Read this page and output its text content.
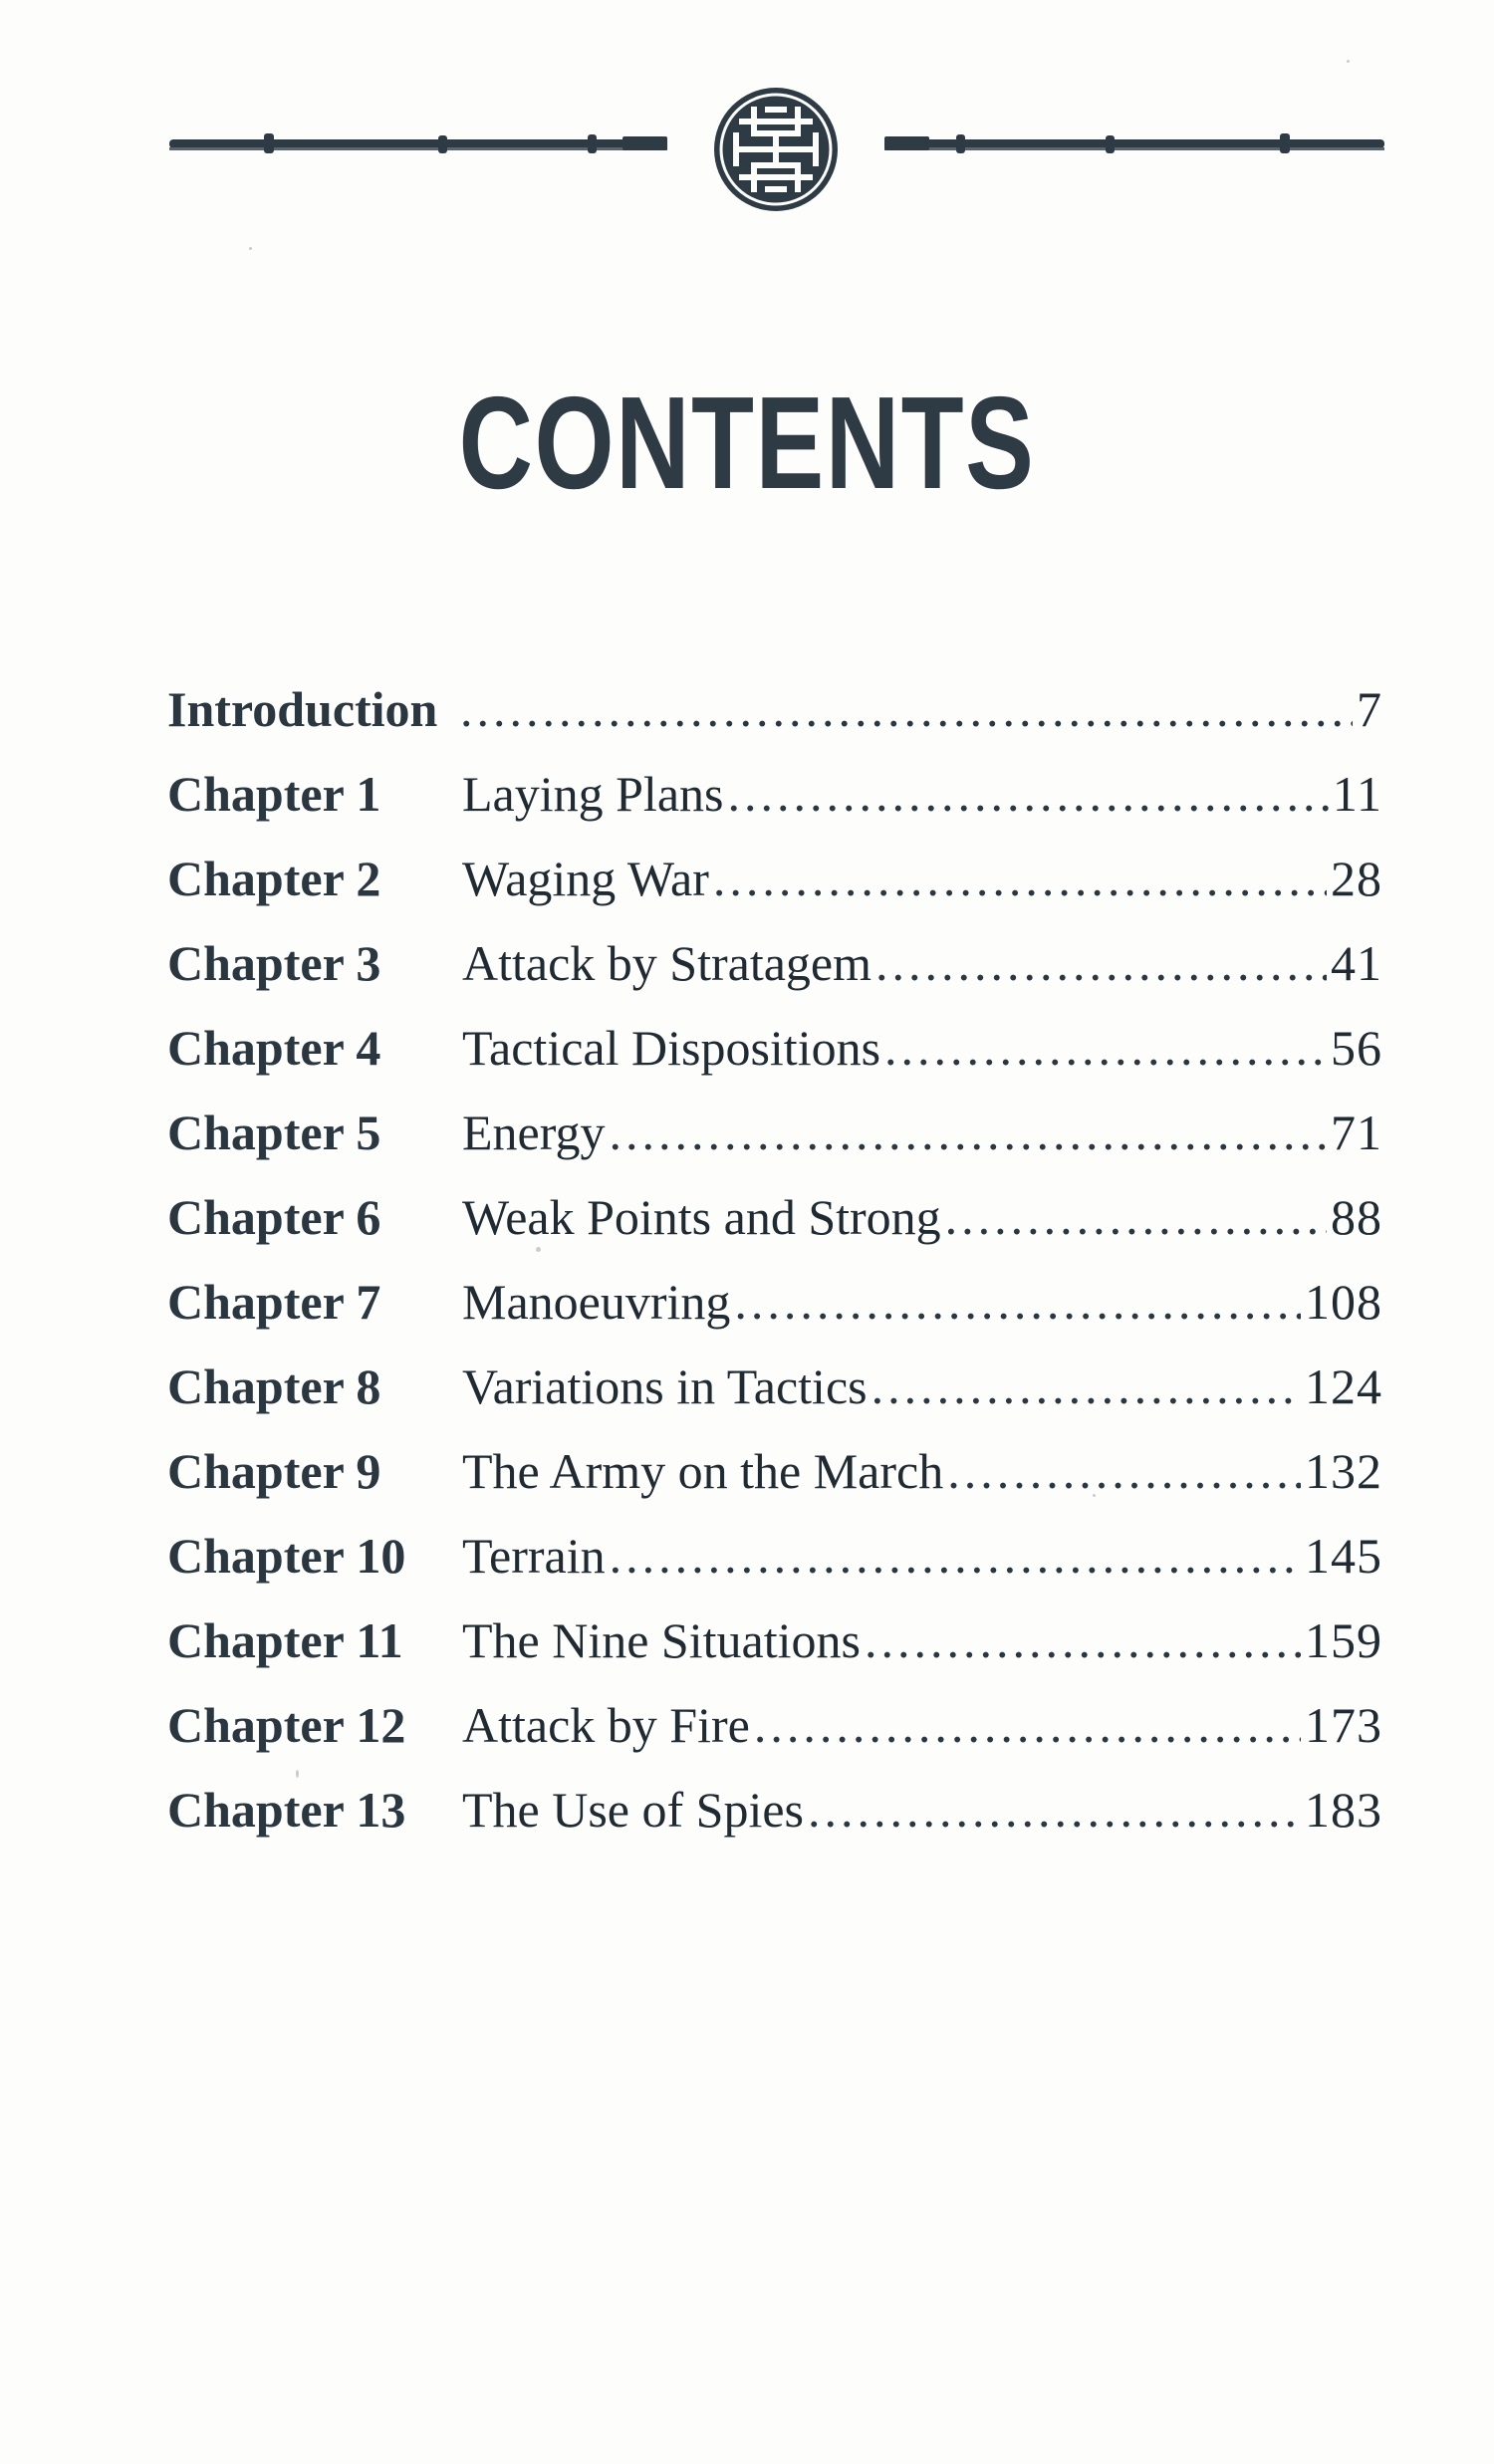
CONTENTS
Introduction .....	7
Chapter 1	Laying Plans .....	11
Chapter 2	Waging War .....	28
Chapter 3	Attack by Stratagem .....	41
Chapter 4	Tactical Dispositions .....	56
Chapter 5	Energy .....	71
Chapter 6	Weak Points and Strong .....	88
Chapter 7	Manoeuvring .....	108
Chapter 8	Variations in Tactics .....	124
Chapter 9	The Army on the March .....	132
Chapter 10	Terrain .....	145
Chapter 11	The Nine Situations .....	159
Chapter 12	Attack by Fire .....	173
Chapter 13	The Use of Spies .....	183
